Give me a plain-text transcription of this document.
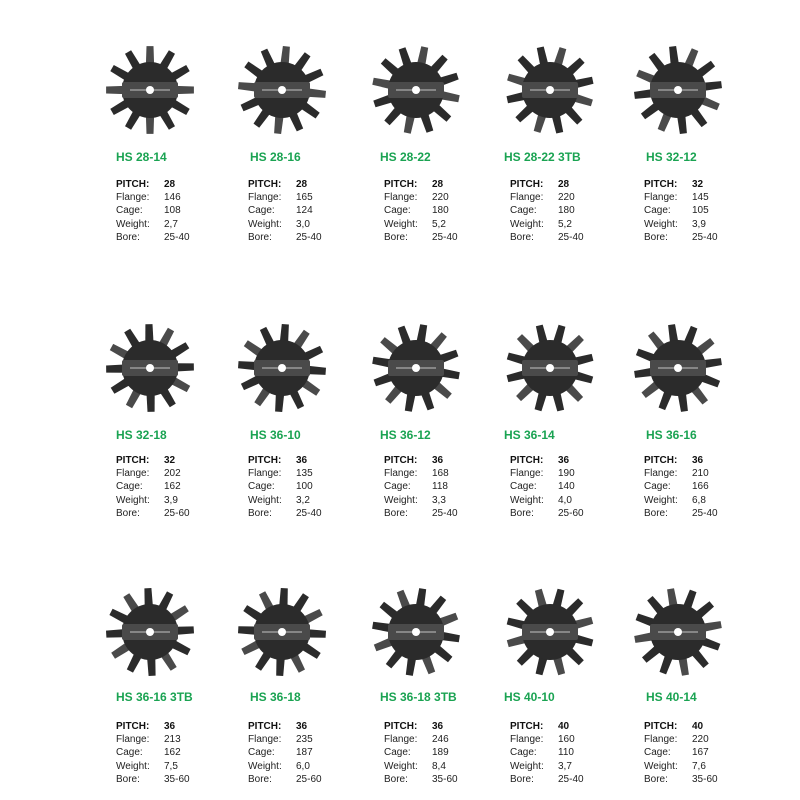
HS 28-14
PITCH:	28
Flange:	146
Cage:	108
Weight:	2,7
Bore:	25-40
HS 28-16
PITCH:	28
Flange:	165
Cage:	124
Weight:	3,0
Bore:	25-40
HS 28-22
PITCH:	28
Flange:	220
Cage:	180
Weight:	5,2
Bore:	25-40
HS 28-22 3TB
PITCH:	28
Flange:	220
Cage:	180
Weight:	5,2
Bore:	25-40
HS 32-12
PITCH:	32
Flange:	145
Cage:	105
Weight:	3,9
Bore:	25-40
HS 32-18
PITCH:	32
Flange:	202
Cage:	162
Weight:	3,9
Bore:	25-60
HS 36-10
PITCH:	36
Flange:	135
Cage:	100
Weight:	3,2
Bore:	25-40
HS 36-12
PITCH:	36
Flange:	168
Cage:	118
Weight:	3,3
Bore:	25-40
HS 36-14
PITCH:	36
Flange:	190
Cage:	140
Weight:	4,0
Bore:	25-60
HS 36-16
PITCH:	36
Flange:	210
Cage:	166
Weight:	6,8
Bore:	25-40
HS 36-16 3TB
PITCH:	36
Flange:	213
Cage:	162
Weight:	7,5
Bore:	35-60
HS 36-18
PITCH:	36
Flange:	235
Cage:	187
Weight:	6,0
Bore:	25-60
HS 36-18 3TB
PITCH:	36
Flange:	246
Cage:	189
Weight:	8,4
Bore:	35-60
HS 40-10
PITCH:	40
Flange:	160
Cage:	110
Weight:	3,7
Bore:	25-40
HS 40-14
PITCH:	40
Flange:	220
Cage:	167
Weight:	7,6
Bore:	35-60
